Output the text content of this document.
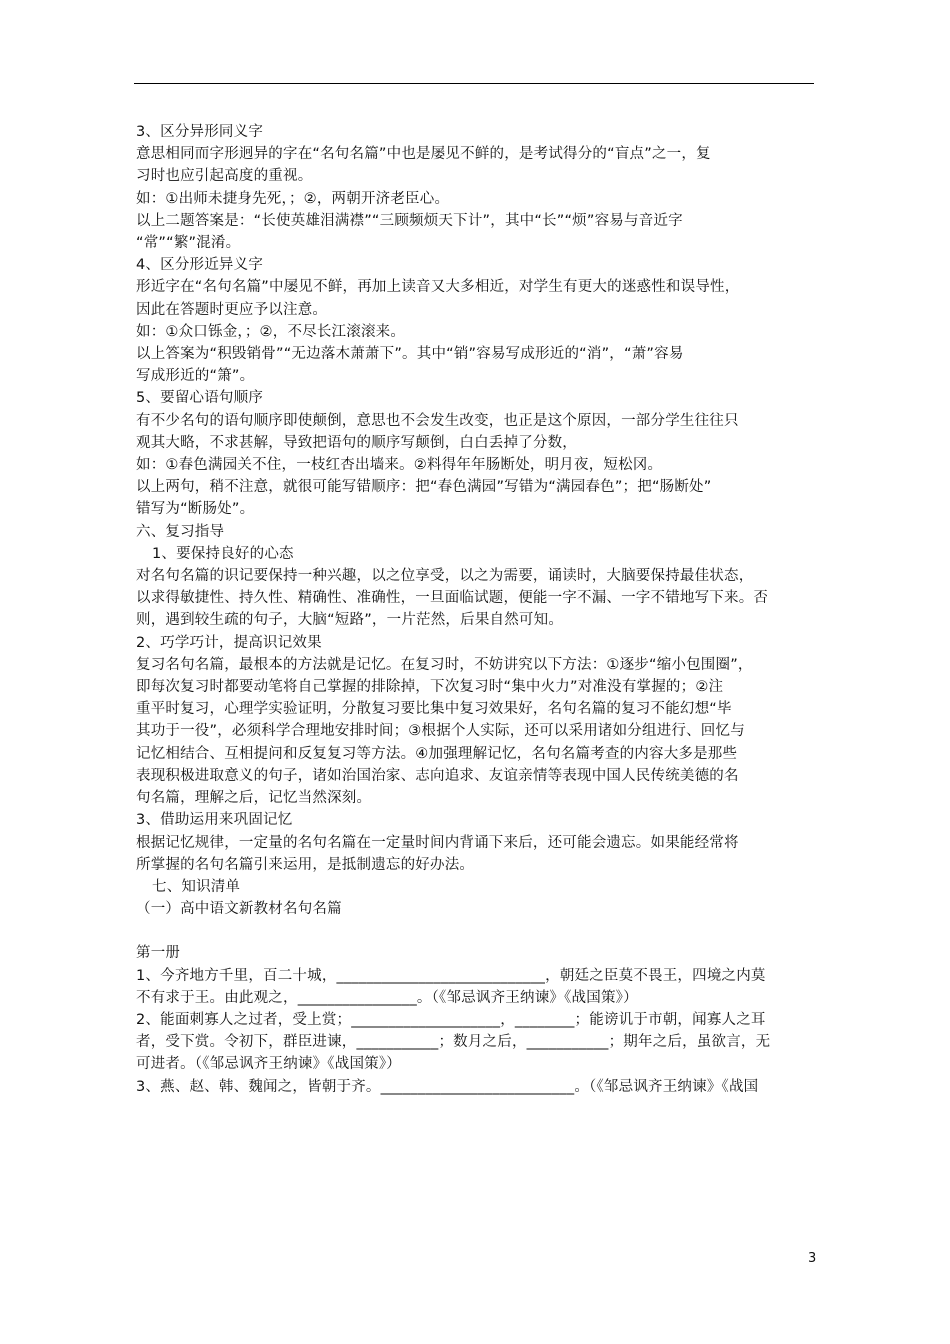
3、区分异形同义字

意思相同而字形迥异的字在“名句名篇”中也是屡见不鲜的，是考试得分的“盲点”之一，复

习时也应引起高度的重视。

如：①出师未捷身先死，；②，两朝开济老臣心。

以上二题答案是：“长使英雄泪满襟”“三顾频烦天下计”，其中“长”“烦”容易与音近字

“常”“繁”混淆。

4、区分形近异义字

形近字在“名句名篇”中屡见不鲜，再加上读音又大多相近，对学生有更大的迷惑性和误导性，

因此在答题时更应予以注意。

如：①众口铄金，；②，不尽长江滚滚来。

以上答案为“积毁销骨”“无边落木萧萧下”。其中“销”容易写成形近的“消”，“萧”容易

写成形近的“箫”。

5、要留心语句顺序

有不少名句的语句顺序即使颠倒，意思也不会发生改变，也正是这个原因，一部分学生往往只

观其大略，不求甚解，导致把语句的顺序写颠倒，白白丢掉了分数，

如：①春色满园关不住，一枝红杏出墙来。②料得年年肠断处，明月夜，短松冈。

以上两句，稍不注意，就很可能写错顺序：把“春色满园”写错为“满园春色”；把“肠断处”

错写为“断肠处”。

六、复习指导

1、要保持良好的心态

对名句名篇的识记要保持一种兴趣，以之位享受，以之为需要，诵读时，大脑要保持最佳状态，

以求得敏捷性、持久性、精确性、准确性，一旦面临试题，便能一字不漏、一字不错地写下来。否

则，遇到较生疏的句子，大脑“短路”，一片茫然，后果自然可知。

2、巧学巧计，提高识记效果

复习名句名篇，最根本的方法就是记忆。在复习时，不妨讲究以下方法：①逐步“缩小包围圈”，

即每次复习时都要动笔将自己掌握的排除掉，下次复习时“集中火力”对准没有掌握的；②注

重平时复习，心理学实验证明，分散复习要比集中复习效果好，名句名篇的复习不能幻想“毕

其功于一役”，必须科学合理地安排时间；③根据个人实际，还可以采用诸如分组进行、回忆与

记忆相结合、互相提问和反复复习等方法。④加强理解记忆，名句名篇考查的内容大多是那些

表现积极进取意义的句子，诸如治国治家、志向追求、友谊亲情等表现中国人民传统美德的名

句名篇，理解之后，记忆当然深刻。

3、借助运用来巩固记忆

根据记忆规律，一定量的名句名篇在一定量时间内背诵下来后，还可能会遗忘。如果能经常将

所掌握的名句名篇引来运用，是抵制遗忘的好办法。

七、知识清单

（一）高中语文新教材名句名篇

第一册

1、今齐地方千里，百二十城，____________________________，朝廷之臣莫不畏王，四境之内莫

不有求于王。由此观之，________________。（《邹忌讽齐王纳谏》《战国策》）

2、能面刺寡人之过者，受上赏；____________________，________；能谤讥于市朝，闻寡人之耳

者，受下赏。令初下，群臣进谏，___________；数月之后，___________；期年之后，虽欲言，无

可进者。（《邹忌讽齐王纳谏》《战国策》）

3、燕、赵、韩、魏闻之，皆朝于齐。__________________________。（《邹忌讽齐王纳谏》《战国

3
